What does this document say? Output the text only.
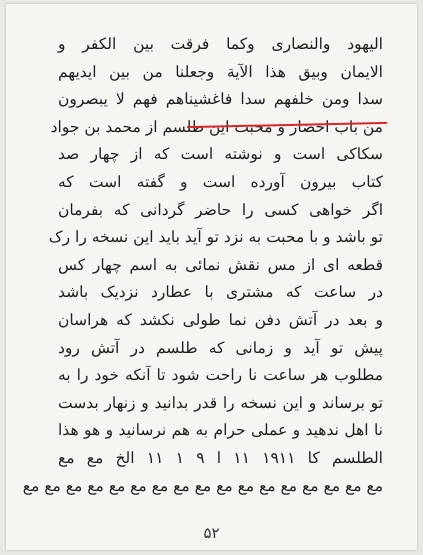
الیهود والنصاری وکما فرقت بین الکفر و
الایمان وبیق هذا الآیة وجعلنا من بین ایدیهم
سدا ومن خلفهم سدا فاغشیناهم فهم لا یبصرون
من باب احضار و محبت این طلسم از محمد بن جواد
سکاکی است و نوشته است که از چهار صد
کتاب بیرون آورده است و گفته است که
اگر خواهی کسی را حاضر گردانی که بفرمان
تو باشد و با محبت به نزد تو آید باید این نسخه را رک
قطعه ای از مس نقش نمائی به اسم چهار کس
در ساعت که مشتری با عطارد نزدیک باشد
و بعد در آتش دفن نما طولی نکشد که هراسان
پیش تو آید و زمانی که طلسم در آتش رود
مطلوب هر ساعت نا راحت شود تا آنکه خود را به
تو برساند و این نسخه را قدر بدانید و زنهار بدست
نا اهل ندهید و عملی حرام به هم نرسانید و هو هذا
الطلسم کا ۱۹۱۱ ۱۱ ا ۹ ۱ ۱۱ الخ مع مع
مع مع مع مع مع مع مع مع مع مع مع مع مع مع مع مع مع
۵۲
